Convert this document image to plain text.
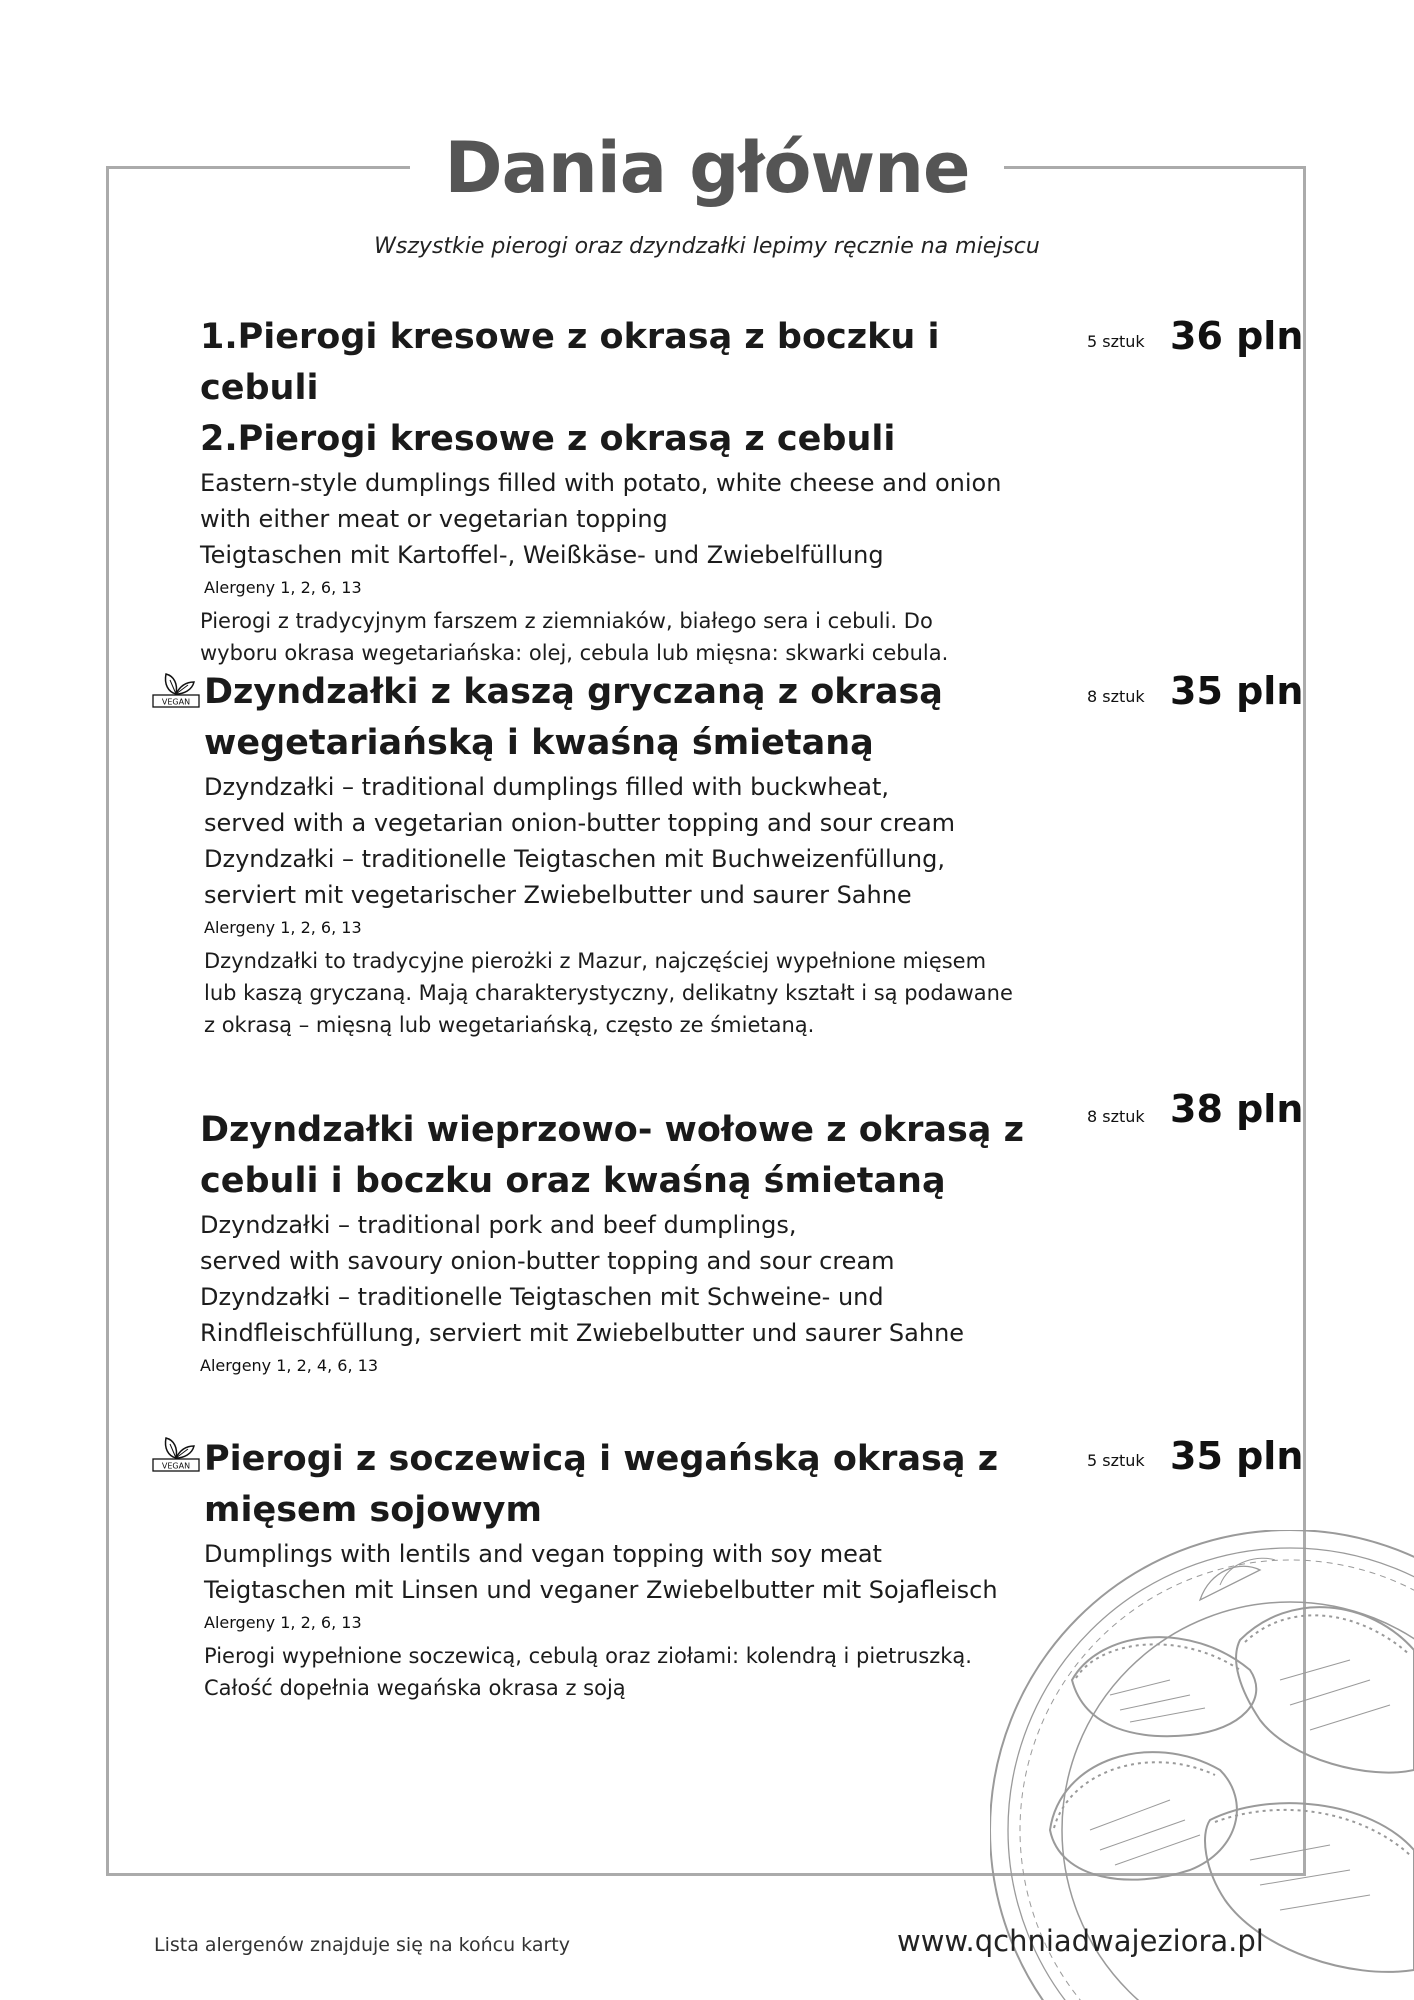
Dania główne
Wszystkie pierogi oraz dzyndzałki lepimy ręcznie na miejscu
1.Pierogi kresowe z okrasą z boczku i cebuli
2.Pierogi kresowe z okrasą z cebuli
Eastern-style dumplings filled with potato, white cheese and onion
with either meat or vegetarian topping
Teigtaschen mit Kartoffel-, Weißkäse- und Zwiebelfüllung
Alergeny 1, 2, 6, 13
Pierogi z tradycyjnym farszem z ziemniaków, białego sera i cebuli. Do
wyboru okrasa wegetariańska: olej, cebula lub mięsna: skwarki cebula.
5 sztuk 36 pln
VEGAN Dzyndzałki z kaszą gryczaną z okrasą
wegetariańską i kwaśną śmietaną
Dzyndzałki – traditional dumplings filled with buckwheat,
served with a vegetarian onion-butter topping and sour cream
Dzyndzałki – traditionelle Teigtaschen mit Buchweizenfüllung,
serviert mit vegetarischer Zwiebelbutter und saurer Sahne
Alergeny 1, 2, 6, 13
Dzyndzałki to tradycyjne pierożki z Mazur, najczęściej wypełnione mięsem
lub kaszą gryczaną. Mają charakterystyczny, delikatny kształt i są podawane
z okrasą – mięsną lub wegetariańską, często ze śmietaną.
8 sztuk 35 pln
Dzyndzałki wieprzowo- wołowe z okrasą z
cebuli i boczku oraz kwaśną śmietaną
Dzyndzałki – traditional pork and beef dumplings,
served with savoury onion-butter topping and sour cream
Dzyndzałki – traditionelle Teigtaschen mit Schweine- und
Rindfleischfüllung, serviert mit Zwiebelbutter und saurer Sahne
Alergeny 1, 2, 4, 6, 13
8 sztuk 38 pln
VEGAN Pierogi z soczewicą i wegańską okrasą z
mięsem sojowym
Dumplings with lentils and vegan topping with soy meat
Teigtaschen mit Linsen und veganer Zwiebelbutter mit Sojafleisch
Alergeny 1, 2, 6, 13
Pierogi wypełnione soczewicą, cebulą oraz ziołami: kolendrą i pietruszką.
Całość dopełnia wegańska okrasa z soją
5 sztuk 35 pln
Lista alergenów znajduje się na końcu karty	www.qchniadwajeziora.pl
